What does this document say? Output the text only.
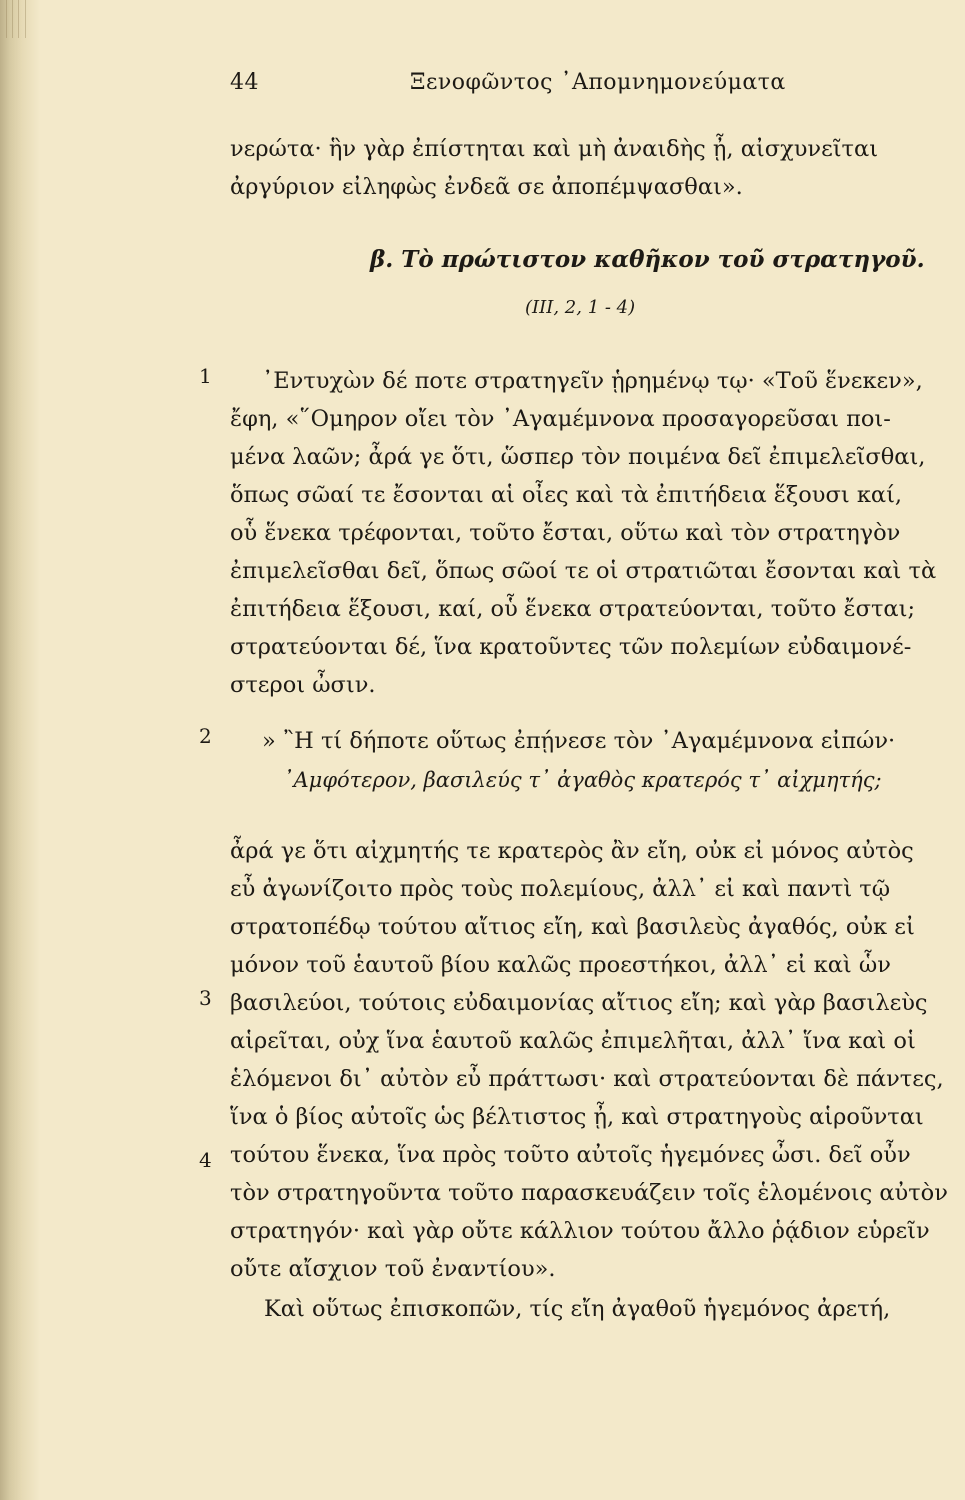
44	Ξενοφῶντος ᾿Απομνημονεύματα
νερώτα· ἣν γὰρ ἐπίστηται καὶ μὴ ἀναιδὴς ᾖ, αἰσχυνεῖται
ἀργύριον εἰληφὼς ἐνδεᾶ σε ἀποπέμψασθαι».
β. Τὸ πρώτιστον καθῆκον τοῦ στρατηγοῦ.
(ΙΙΙ, 2, 1 - 4)
1	᾿Εντυχὼν δέ ποτε στρατηγεῖν ᾑρημένῳ τῳ· «Τοῦ ἕνεκεν»,
ἔφη, «῞Ομηρον οἴει τὸν ᾿Αγαμέμνονα προσαγορεῦσαι ποι-
μένα λαῶν; ἆρά γε ὅτι, ὥσπερ τὸν ποιμένα δεῖ ἐπιμελεῖσθαι,
ὅπως σῶαί τε ἔσονται αἱ οἶες καὶ τὰ ἐπιτήδεια ἕξουσι καί,
οὗ ἕνεκα τρέφονται, τοῦτο ἔσται, οὕτω καὶ τὸν στρατηγὸν
ἐπιμελεῖσθαι δεῖ, ὅπως σῶοί τε οἱ στρατιῶται ἔσονται καὶ τὰ
ἐπιτήδεια ἕξουσι, καί, οὗ ἕνεκα στρατεύονται, τοῦτο ἔσται;
στρατεύονται δέ, ἵνα κρατοῦντες τῶν πολεμίων εὐδαιμονέ-
στεροι ὦσιν.
2	» ῍Η τί δήποτε οὕτως ἐπῄνεσε τὸν ᾿Αγαμέμνονα εἰπών·
᾿Αμφότερον, βασιλεύς τ᾿ ἀγαθὸς κρατερός τ᾿ αἰχμητής;
ἆρά γε ὅτι αἰχμητής τε κρατερὸς ἂν εἴη, οὐκ εἰ μόνος αὐτὸς
εὖ ἀγωνίζοιτο πρὸς τοὺς πολεμίους, ἀλλ᾿ εἰ καὶ παντὶ τῷ
στρατοπέδῳ τούτου αἴτιος εἴη, καὶ βασιλεὺς ἀγαθός, οὐκ εἰ
μόνον τοῦ ἑαυτοῦ βίου καλῶς προεστήκοι, ἀλλ᾿ εἰ καὶ ὧν
βασιλεύοι, τούτοις εὐδαιμονίας αἴτιος εἴη; καὶ γὰρ βασιλεὺς
αἱρεῖται, οὐχ ἵνα ἑαυτοῦ καλῶς ἐπιμελῆται, ἀλλ᾿ ἵνα καὶ οἱ
ἑλόμενοι δι᾿ αὐτὸν εὖ πράττωσι· καὶ στρατεύονται δὲ πάντες,
ἵνα ὁ βίος αὐτοῖς ὡς βέλτιστος ᾖ, καὶ στρατηγοὺς αἱροῦνται
τούτου ἕνεκα, ἵνα πρὸς τοῦτο αὐτοῖς ἡγεμόνες ὦσι. δεῖ οὖν
τὸν στρατηγοῦντα τοῦτο παρασκευάζειν τοῖς ἑλομένοις αὐτὸν
στρατηγόν· καὶ γὰρ οὔτε κάλλιον τούτου ἄλλο ῥᾴδιον εὑρεῖν
οὔτε αἴσχιον τοῦ ἐναντίου».
3
4
Καὶ οὕτως ἐπισκοπῶν, τίς εἴη ἀγαθοῦ ἡγεμόνος ἀρετή,
